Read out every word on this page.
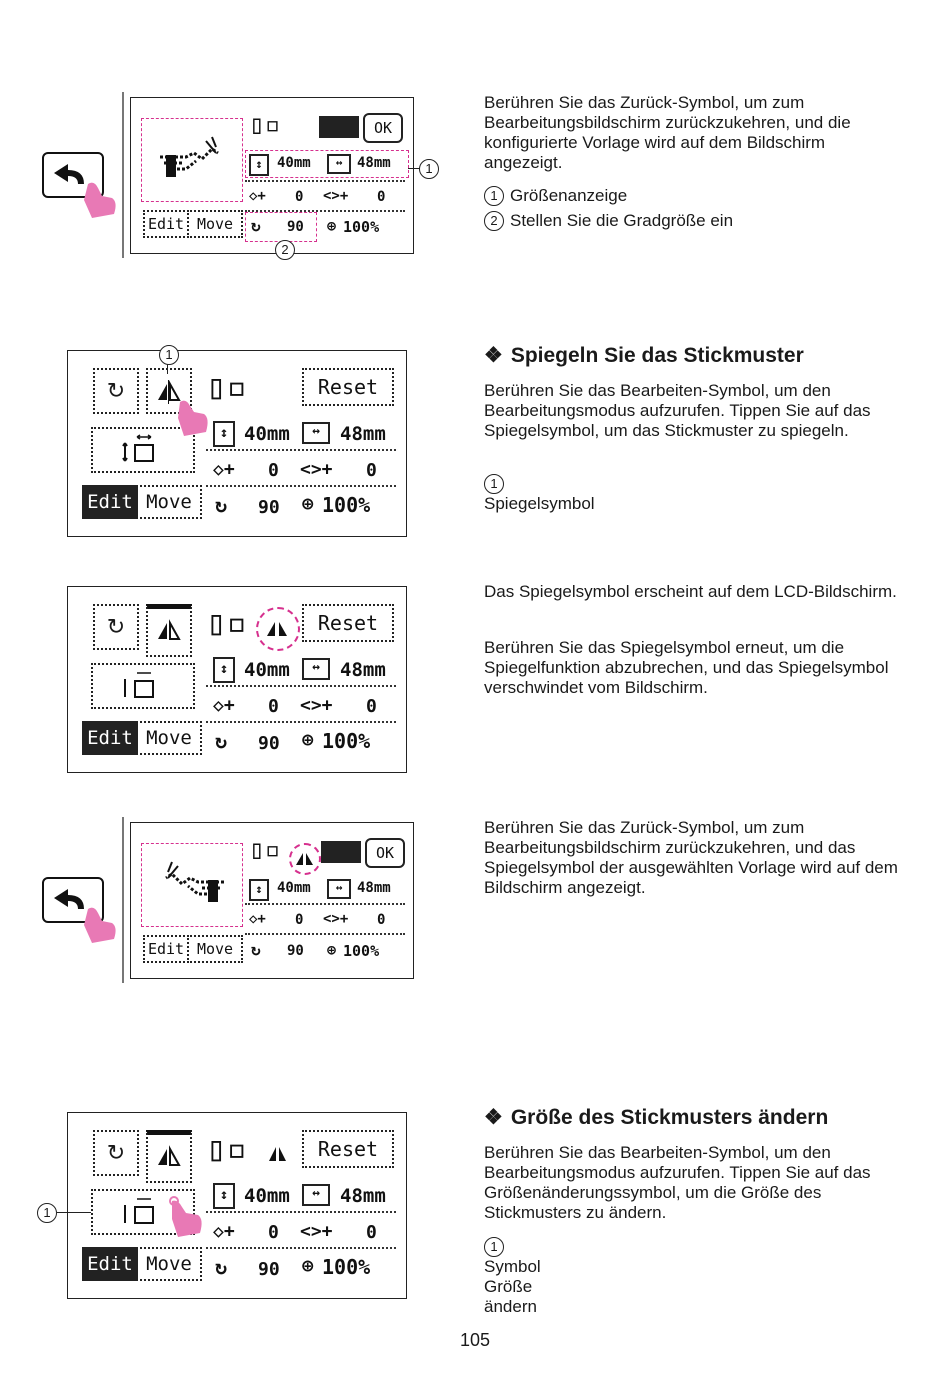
▯▫	OK
↕	40mm	↔	48mm
◇+ 0 <>+ 0
Edit Move	↻ 90 ⊕ 100%
1
2
Berühren Sie das Zurück-Symbol, um zum Bearbeitungsbildschirm zurückzukehren, und die konfigurierte Vorlage wird auf dem Bildschirm angezeigt.

1 Größenanzeige

2 Stellen Sie die Gradgröße ein

↻	▯▫	Reset
↕ 40mm	↔	48mm
◇+ 0 <>+ 0
Edit Move	↻ 90 ⊕ 100%
1	❖ Spiegeln Sie das Stickmuster
Berühren Sie das Bearbeiten-Symbol, um den Bearbeitungsmodus aufzurufen. Tippen Sie auf das Spiegelsymbol, um das Stickmuster zu spiegeln.

1Spiegelsymbol

↻	▯▫	Reset
↕ 40mm	↔	48mm
◇+ 0 <>+ 0
Edit Move	↻ 90 ⊕ 100%
Das Spiegelsymbol erscheint auf dem LCD-Bildschirm.
Berühren Sie das Spiegelsymbol erneut, um die Spiegelfunktion abzubrechen, und das Spiegelsymbol verschwindet vom Bildschirm.
▯▫	OK
↕	40mm	↔	48mm
◇+ 0 <>+ 0
Edit Move	↻ 90 ⊕ 100%
Berühren Sie das Zurück-Symbol, um zum Bearbeitungsbildschirm zurückzukehren, und das Spiegelsymbol der ausgewählten Vorlage wird auf dem Bildschirm angezeigt.
↻	▯▫	Reset
↕ 40mm	↔	48mm
◇+ 0 <>+ 0
Edit Move	↻ 90 ⊕ 100%
1
❖ Größe des Stickmusters ändern
Berühren Sie das Bearbeiten-Symbol, um den Bearbeitungsmodus aufzurufen. Tippen Sie auf das Größenänderungssymbol, um die Größe des Stickmusters zu ändern.

1Symbol Größe ändern

105
